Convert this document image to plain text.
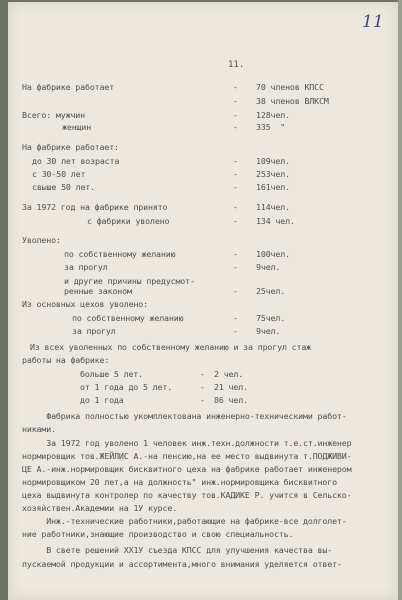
11
11.
На фабрике работает	- 70 членов КПСС
- 38 членов ВЛКСМ
Всего: мужчин	- 128чел.
женщин	- 335  "
На фабрике работает:
до 30 лет возраста	- 109чел.
с 30-50 лет	- 253чел.
свыше 50 лет.	- 161чел.
За 1972 год на фабрике принято	- 114чел.
с фабрики уволено	- 134 чел.
Уволено:
по собственному желанию	- 100чел.
за прогул	- 9чел.
и другие причины предусмот-
ренные законом	- 25чел.
Из основных цехов уволено:
по собственному желанию	- 75чел.
за прогул	- 9чел.
Из всех уволенных по собственному желанию и за прогул стаж
работы на фабрике:
больше 5 лет.	- 2 чел.
от 1 года до 5 лет.	- 21 чел.
до 1 года	- 86 чел.
Фабрика полностью укомплектована инженерно-техническими работ-
никами.
За 1972 год уволено 1 человек инж.техн.должности т.е.ст.инженер
нормировщик тов.ЖЕЙЛИС А.-на пенсию,на ее место выдвинута т.ПОДЖИВИ-
ЦЕ А.-инж.нормировщик бисквитного цеха на фабрике работает инженером
нормировщиком 20 лет,а на должность" инж.нормировщика бисквитного
цеха выдвинута контролер по качеству тов.КАДИКЕ Р. учится в Сельско-
хозяйствен.Академии на 1У курсе.
Инж.-технические работники,работающие на фабрике-все долголет-
ние работники,знающие производство и свою специальность.
В свете решений ХХ1У съезда КПСС для улучшения качества вы-
пускаемой продукции и ассортимента,много внимания уделяется ответ-
